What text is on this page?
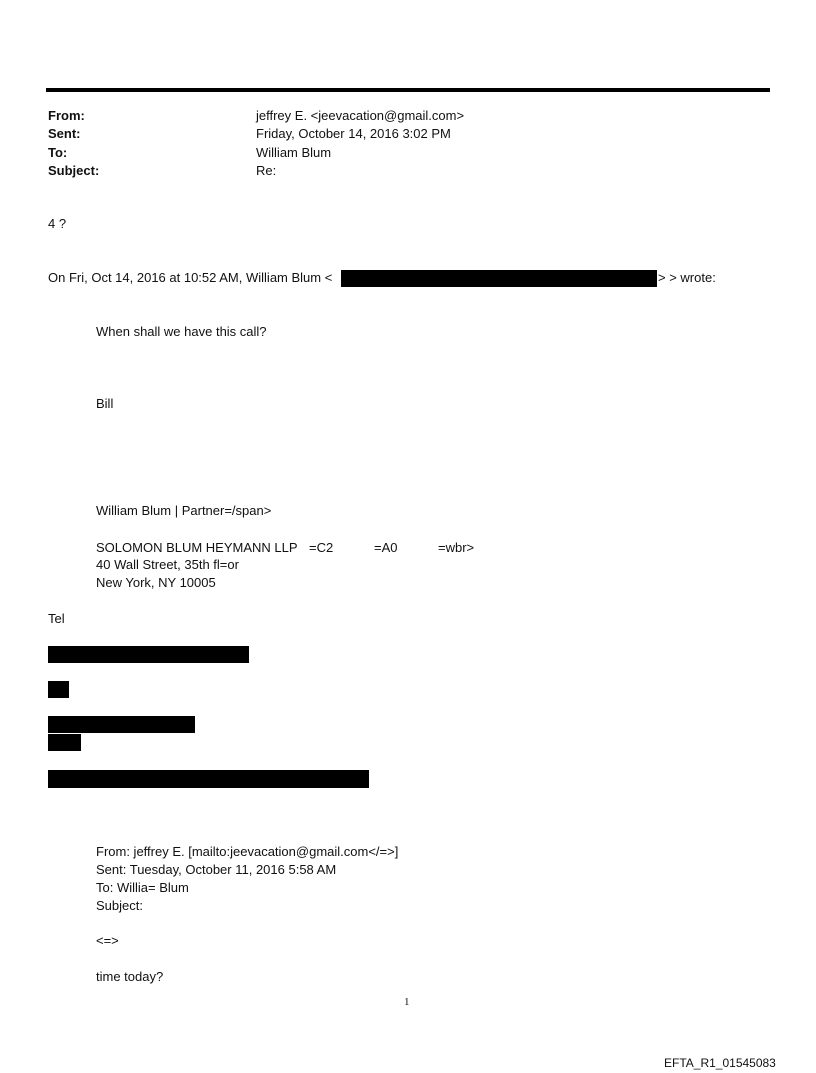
From:	jeffrey E. <jeevacation@gmail.com>
Sent:	Friday, October 14, 2016 3:02 PM
To:	William Blum
Subject:	Re:
4 ?
On Fri, Oct 14, 2016 at 10:52 AM, William Blum <	> > wrote:
When shall we have this call?
Bill
William Blum | Partner=/span>
SOLOMON BLUM HEYMANN LLP =C2	=A0	=wbr>
40 Wall Street, 35th fl=or
New York, NY 10005
Tel
From: jeffrey E. [mailto:jeevacation@gmail.com</=>]
Sent: Tuesday, October 11, 2016 5:58 AM
To: Willia= Blum
Subject:
<=>
time today?
1
EFTA_R1_01545083
